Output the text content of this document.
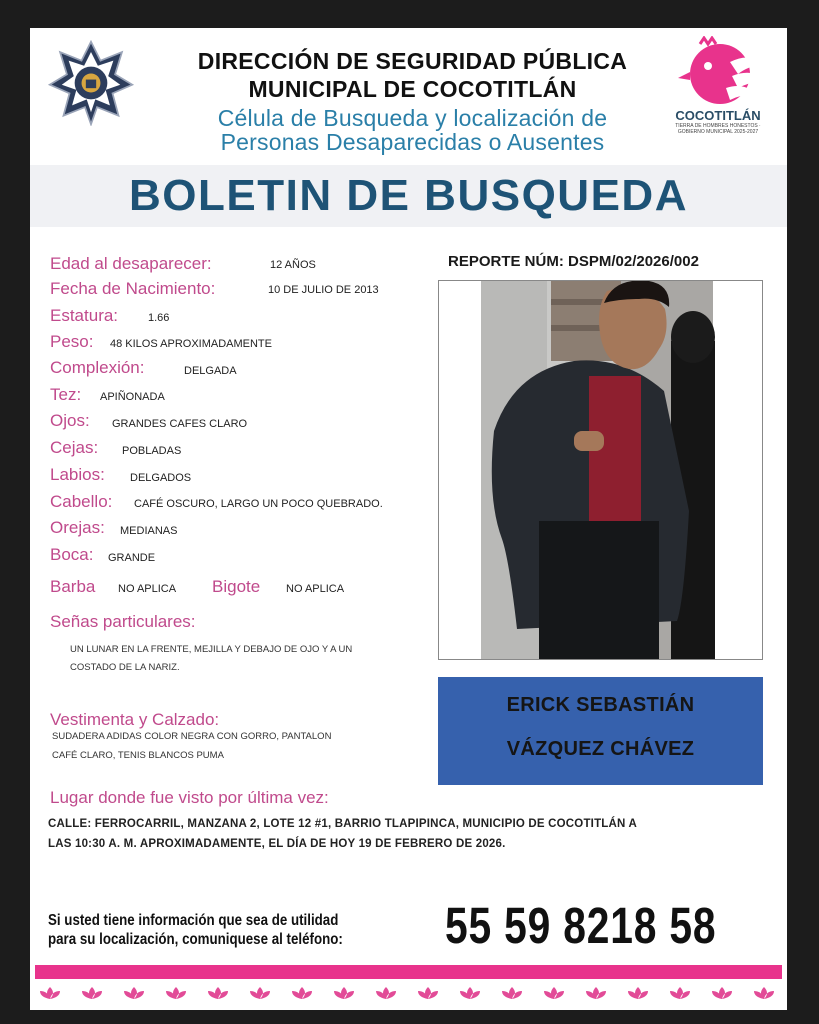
DIRECCIÓN DE SEGURIDAD PÚBLICA
MUNICIPAL DE COCOTITLÁN
Célula de Busqueda y localización de
Personas Desaparecidas o Ausentes
COCOTITLÁN
TIERRA DE HOMBRES HONESTOS · GOBIERNO MUNICIPAL 2025-2027
BOLETIN DE BUSQUEDA
Edad al desaparecer:	12 AÑOS
Fecha de Nacimiento:	10 DE JULIO DE 2013
Estatura:	1.66
Peso: 48 KILOS APROXIMADAMENTE
Complexión:	DELGADA
Tez: APIÑONADA
Ojos: GRANDES CAFES CLARO
Cejas: POBLADAS
Labios: DELGADOS
Cabello: CAFÉ OSCURO, LARGO UN POCO QUEBRADO.
Orejas: MEDIANAS
Boca: GRANDE
Barba NO APLICA Bigote NO APLICA
Señas particulares:
UN LUNAR EN LA FRENTE, MEJILLA Y DEBAJO DE OJO Y A UN
COSTADO DE LA NARIZ.
Vestimenta y Calzado:
SUDADERA ADIDAS COLOR NEGRA CON GORRO, PANTALON
CAFÉ CLARO, TENIS BLANCOS PUMA
REPORTE NÚM: DSPM/02/2026/002
ERICK SEBASTIÁN
VÁZQUEZ CHÁVEZ
Lugar donde fue visto por última vez:
CALLE: FERROCARRIL, MANZANA 2, LOTE 12 #1, BARRIO TLAPIPINCA, MUNICIPIO DE COCOTITLÁN A
LAS 10:30 A. M. APROXIMADAMENTE, EL DÍA DE HOY 19 DE FEBRERO DE 2026.
Si usted tiene información que sea de utilidad
para su localización, comuniquese al teléfono: 55 59 8218 58
